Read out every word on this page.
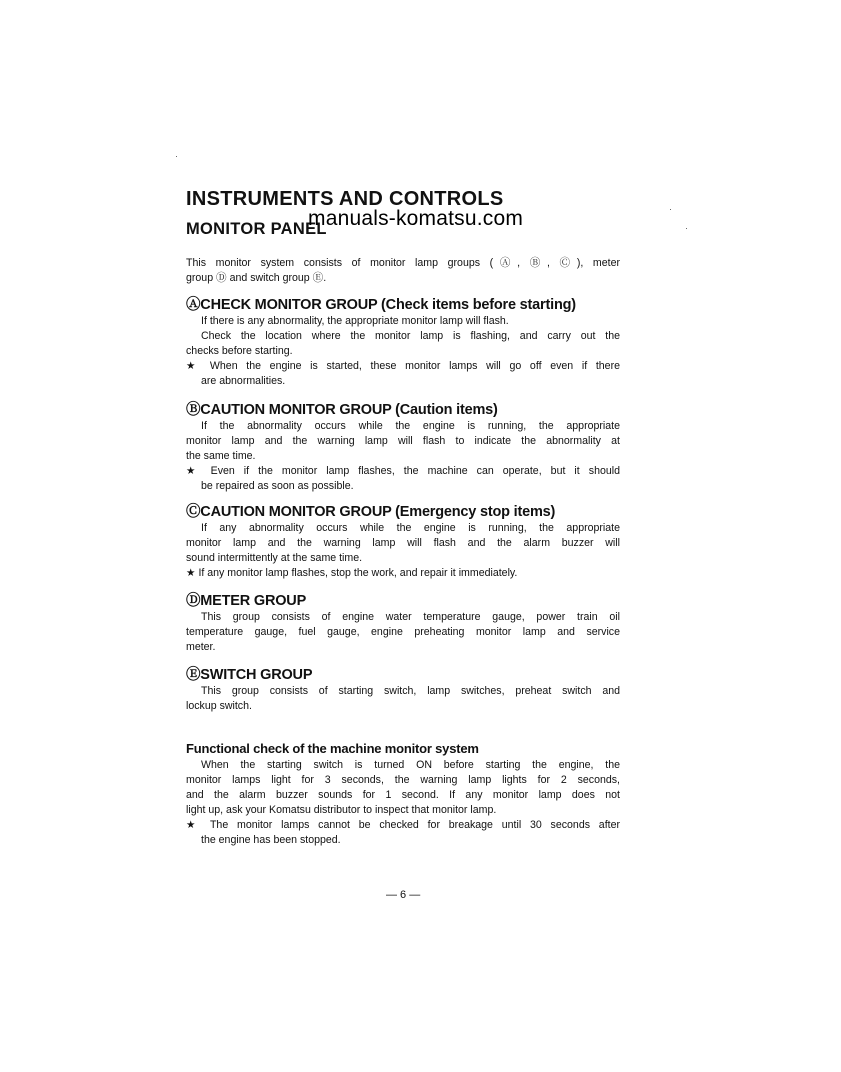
INSTRUMENTS AND CONTROLS
MONITOR PANEL
manuals-komatsu.com
This monitor system consists of monitor lamp groups (Ⓐ, Ⓑ, Ⓒ), meter
group Ⓓ and switch group Ⓔ.
ⒶCHECK MONITOR GROUP (Check items before starting)
If there is any abnormality, the appropriate monitor lamp will flash.
Check the location where the monitor lamp is flashing, and carry out the
checks before starting.
★ When the engine is started, these monitor lamps will go off even if there
are abnormalities.
ⒷCAUTION MONITOR GROUP (Caution items)
If the abnormality occurs while the engine is running, the appropriate
monitor lamp and the warning lamp will flash to indicate the abnormality at
the same time.
★ Even if the monitor lamp flashes, the machine can operate, but it should
be repaired as soon as possible.
ⒸCAUTION MONITOR GROUP (Emergency stop items)
If any abnormality occurs while the engine is running, the appropriate
monitor lamp and the warning lamp will flash and the alarm buzzer will
sound intermittently at the same time.
★ If any monitor lamp flashes, stop the work, and repair it immediately.
ⒹMETER GROUP
This group consists of engine water temperature gauge, power train oil
temperature gauge, fuel gauge, engine preheating monitor lamp and service
meter.
ⒺSWITCH GROUP
This group consists of starting switch, lamp switches, preheat switch and
lockup switch.
Functional check of the machine monitor system
When the starting switch is turned ON before starting the engine, the
monitor lamps light for 3 seconds, the warning lamp lights for 2 seconds,
and the alarm buzzer sounds for 1 second. If any monitor lamp does not
light up, ask your Komatsu distributor to inspect that monitor lamp.
★ The monitor lamps cannot be checked for breakage until 30 seconds after
the engine has been stopped.
— 6 —
